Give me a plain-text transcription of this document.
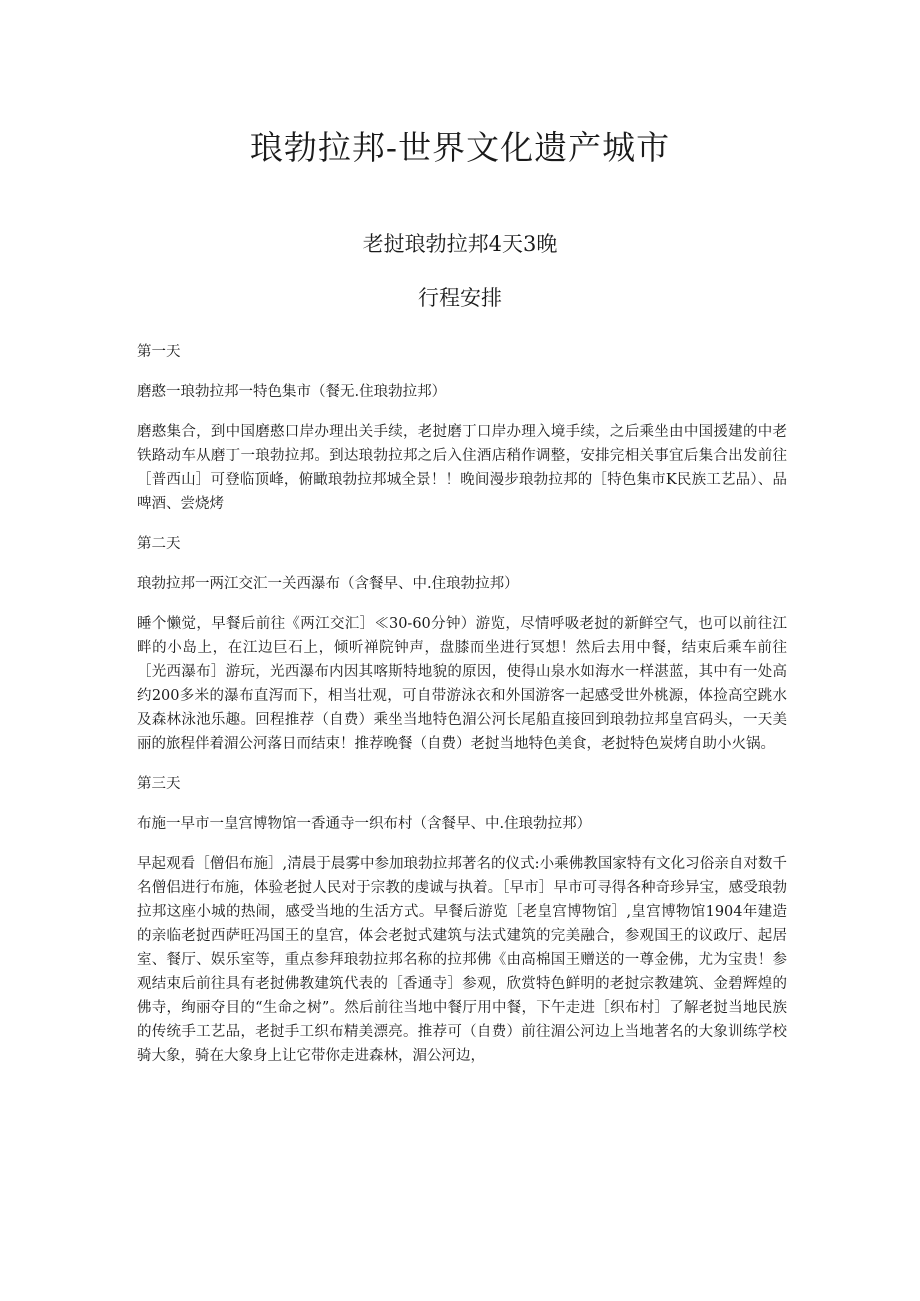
琅勃拉邦-世界文化遗产城市
老挝琅勃拉邦4天3晚
行程安排

第一天

磨憨一琅勃拉邦一特色集市（餐无.住琅勃拉邦）

磨憨集合，到中国磨憨口岸办理出关手续，老挝磨丁口岸办理入境手续，之后乘坐由中国援建的中老铁路动车从磨丁一琅勃拉邦。到达琅勃拉邦之后入住酒店稍作调整，安排完相关事宜后集合出发前往［普西山］可登临顶峰，俯瞰琅勃拉邦城全景！！晚间漫步琅勃拉邦的［特色集市K民族工艺品）、品啤酒、尝烧烤

第二天

琅勃拉邦一两江交汇一关西瀑布（含餐早、中.住琅勃拉邦）

睡个懒觉，早餐后前往《两江交汇］≪30-60分钟）游览，尽情呼吸老挝的新鲜空气，也可以前往江畔的小岛上，在江边巨石上，倾听禅院钟声，盘膝而坐进行冥想！然后去用中餐，结束后乘车前往［光西瀑布］游玩，光西瀑布内因其喀斯特地貌的原因，使得山泉水如海水一样湛蓝，其中有一处高约200多米的瀑布直泻而下，相当壮观，可自带游泳衣和外国游客一起感受世外桃源，体捡高空跳水及森林泳池乐趣。回程推荐（自费）乘坐当地特色湄公河长尾船直接回到琅勃拉邦皇宫码头，一天美丽的旅程伴着湄公河落日而结束！推荐晚餐（自费）老挝当地特色美食，老挝特色炭烤自助小火锅。

第三天

布施一早市一皇宫博物馆一香通寺一织布村（含餐早、中.住琅勃拉邦）

早起观看［僧侣布施］,清晨于晨雾中参加琅勃拉邦著名的仪式:小乘佛教国家特有文化习俗亲自对数千名僧侣进行布施，体验老挝人民对于宗教的虔诚与执着。［早市］早市可寻得各种奇珍异宝，感受琅勃拉邦这座小城的热闹，感受当地的生活方式。早餐后游览［老皇宫博物馆］,皇宫博物馆1904年建造的亲临老挝西萨旺冯国王的皇宫，体会老挝式建筑与法式建筑的完美融合，参观国王的议政厅、起居室、餐厅、娱乐室等，重点参拜琅勃拉邦名称的拉邦佛《由高棉国王赠送的一尊金佛，尤为宝贵！参观结束后前往具有老挝佛教建筑代表的［香通寺］参观，欣赏特色鲜明的老挝宗教建筑、金碧辉煌的佛寺，绚丽夺目的“生命之树”。然后前往当地中餐厅用中餐，下午走进［织布村］了解老挝当地民族的传统手工艺品，老挝手工织布精美漂亮。推荐可（自费）前往湄公河边上当地著名的大象训练学校骑大象，骑在大象身上让它带你走进森林，湄公河边，
